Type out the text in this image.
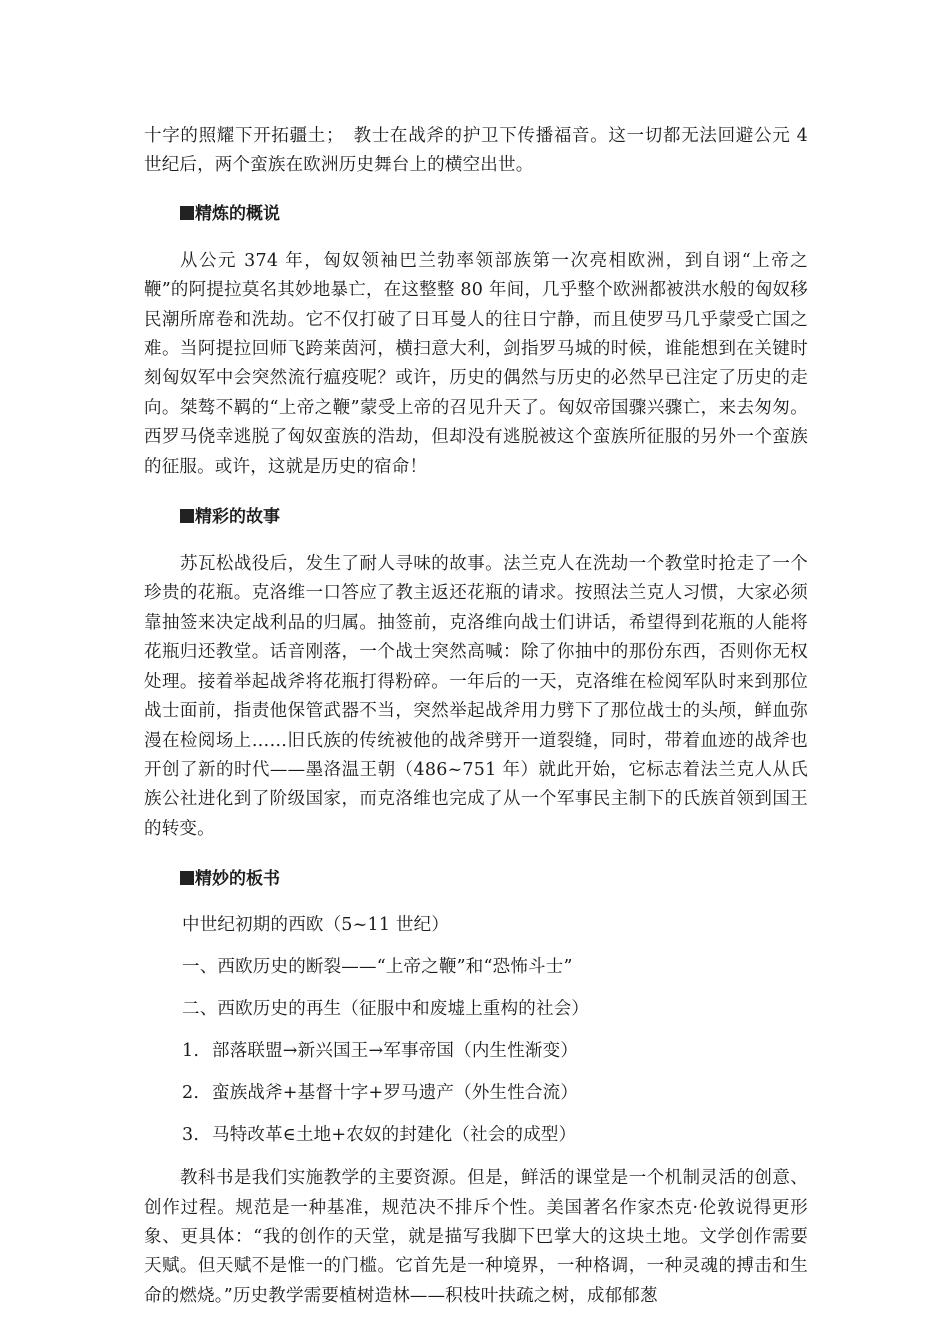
十字的照耀下开拓疆土；　教士在战斧的护卫下传播福音。这一切都无法回避公元 4 世纪后，两个蛮族在欧洲历史舞台上的横空出世。

精炼的概说

从公元 374 年，匈奴领袖巴兰勃率领部族第一次亮相欧洲，到自诩“上帝之鞭”的阿提拉莫名其妙地暴亡，在这整整 80 年间，几乎整个欧洲都被洪水般的匈奴移民潮所席卷和洗劫。它不仅打破了日耳曼人的往日宁静，而且使罗马几乎蒙受亡国之难。当阿提拉回师飞跨莱茵河，横扫意大利，剑指罗马城的时候，谁能想到在关键时刻匈奴军中会突然流行瘟疫呢？或许，历史的偶然与历史的必然早已注定了历史的走向。桀骜不羁的“上帝之鞭”蒙受上帝的召见升天了。匈奴帝国骤兴骤亡，来去匆匆。西罗马侥幸逃脱了匈奴蛮族的浩劫，但却没有逃脱被这个蛮族所征服的另外一个蛮族的征服。或许，这就是历史的宿命！

精彩的故事

苏瓦松战役后，发生了耐人寻味的故事。法兰克人在洗劫一个教堂时抢走了一个珍贵的花瓶。克洛维一口答应了教主返还花瓶的请求。按照法兰克人习惯，大家必须靠抽签来决定战利品的归属。抽签前，克洛维向战士们讲话，希望得到花瓶的人能将花瓶归还教堂。话音刚落，一个战士突然高喊：除了你抽中的那份东西，否则你无权处理。接着举起战斧将花瓶打得粉碎。一年后的一天，克洛维在检阅军队时来到那位战士面前，指责他保管武器不当，突然举起战斧用力劈下了那位战士的头颅，鲜血弥漫在检阅场上……旧氏族的传统被他的战斧劈开一道裂缝，同时，带着血迹的战斧也开创了新的时代——墨洛温王朝（486~751 年）就此开始，它标志着法兰克人从氏族公社进化到了阶级国家，而克洛维也完成了从一个军事民主制下的氏族首领到国王的转变。

精妙的板书

中世纪初期的西欧（5~11 世纪）

一、西欧历史的断裂——“上帝之鞭”和“恐怖斗士”

二、西欧历史的再生（征服中和废墟上重构的社会）

1. 部落联盟→新兴国王→军事帝国（内生性渐变）

2. 蛮族战斧+基督十字+罗马遗产（外生性合流）

3. 马特改革∈土地+农奴的封建化（社会的成型）

教科书是我们实施教学的主要资源。但是，鲜活的课堂是一个机制灵活的创意、创作过程。规范是一种基准，规范决不排斥个性。美国著名作家杰克·伦敦说得更形象、更具体：“我的创作的天堂，就是描写我脚下巴掌大的这块土地。文学创作需要天赋。但天赋不是惟一的门槛。它首先是一种境界，一种格调，一种灵魂的搏击和生命的燃烧。”历史教学需要植树造林——积枝叶扶疏之树，成郁郁葱
